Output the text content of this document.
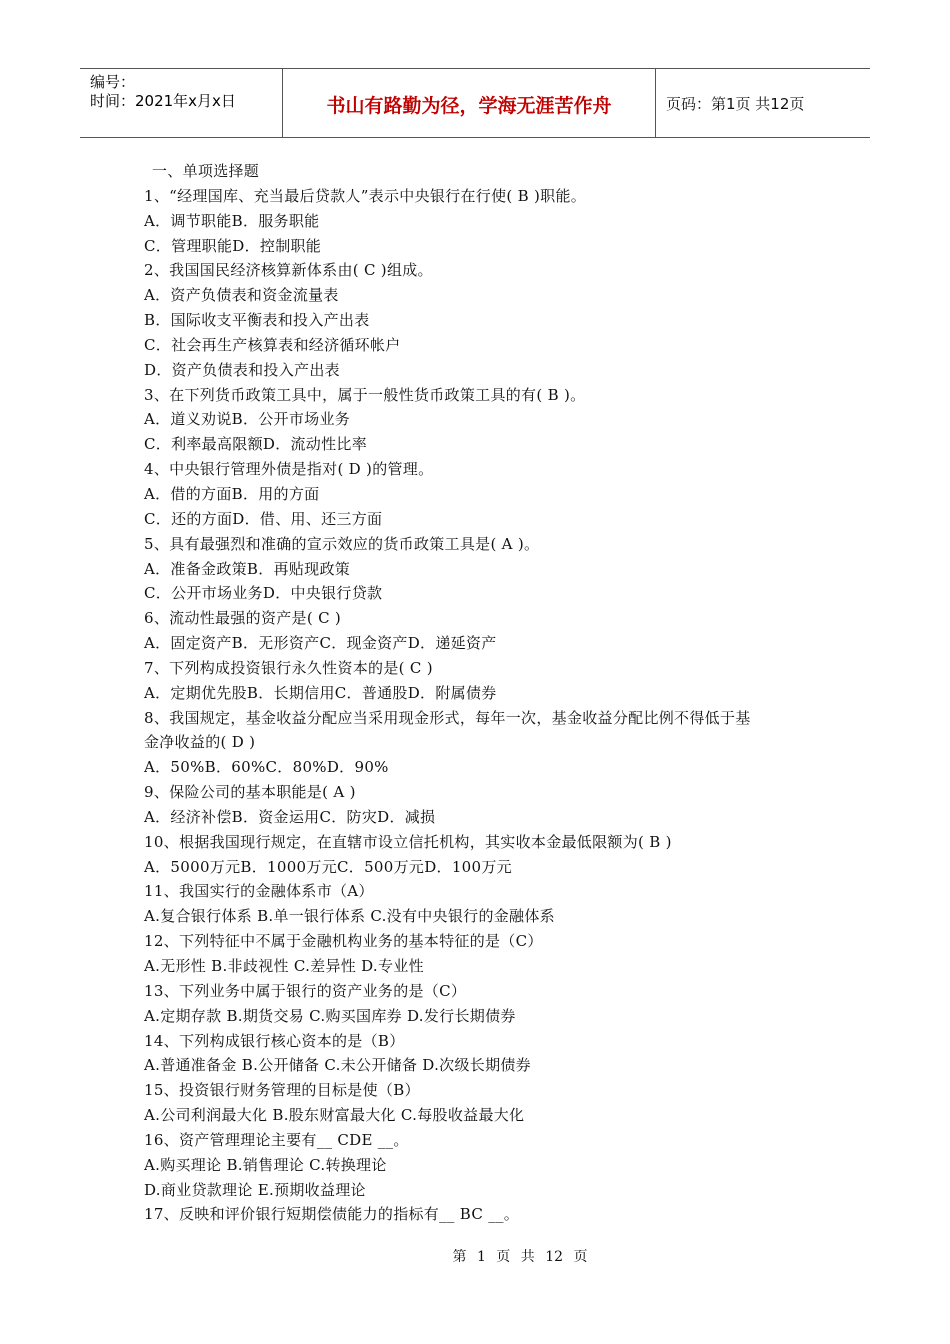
编号：
时间：2021年x月x日	书山有路勤为径，学海无涯苦作舟	页码：第1页 共12页
一、单项选择题
1、“经理国库、充当最后贷款人”表示中央银行在行使( B )职能。
A．调节职能B．服务职能
C．管理职能D．控制职能
2、我国国民经济核算新体系由( C )组成。
A．资产负债表和资金流量表
B．国际收支平衡表和投入产出表
C．社会再生产核算表和经济循环帐户
D．资产负债表和投入产出表
3、在下列货币政策工具中，属于一般性货币政策工具的有( B )。
A．道义劝说B．公开市场业务
C．利率最高限额D．流动性比率
4、中央银行管理外债是指对( D )的管理。
A．借的方面B．用的方面
C．还的方面D．借、用、还三方面
5、具有最强烈和准确的宣示效应的货币政策工具是( A )。
A．准备金政策B．再贴现政策
C．公开市场业务D．中央银行贷款
6、流动性最强的资产是( C )
A．固定资产B．无形资产C．现金资产D．递延资产
7、下列构成投资银行永久性资本的是( C )
A．定期优先股B．长期信用C．普通股D．附属债券
8、我国规定，基金收益分配应当采用现金形式，每年一次，基金收益分配比例不得低于基
金净收益的( D )
A．50%B．60%C．80%D．90%
9、保险公司的基本职能是( A )
A．经济补偿B．资金运用C．防灾D．减损
10、根据我国现行规定，在直辖市设立信托机构，其实收本金最低限额为( B )
A．5000万元B．1000万元C．500万元D．100万元
11、我国实行的金融体系市（A）
A.复合银行体系 B.单一银行体系 C.没有中央银行的金融体系
12、下列特征中不属于金融机构业务的基本特征的是（C）
A.无形性 B.非歧视性 C.差异性 D.专业性
13、下列业务中属于银行的资产业务的是（C）
A.定期存款 B.期货交易 C.购买国库券 D.发行长期债券
14、下列构成银行核心资本的是（B）
A.普通准备金 B.公开储备 C.未公开储备 D.次级长期债券
15、投资银行财务管理的目标是使（B）
A.公司利润最大化 B.股东财富最大化 C.每股收益最大化
16、资产管理理论主要有__ CDE __。
A.购买理论 B.销售理论 C.转换理论
D.商业贷款理论 E.预期收益理论
17、反映和评价银行短期偿债能力的指标有__ BC __。
第 1 页 共 12 页
